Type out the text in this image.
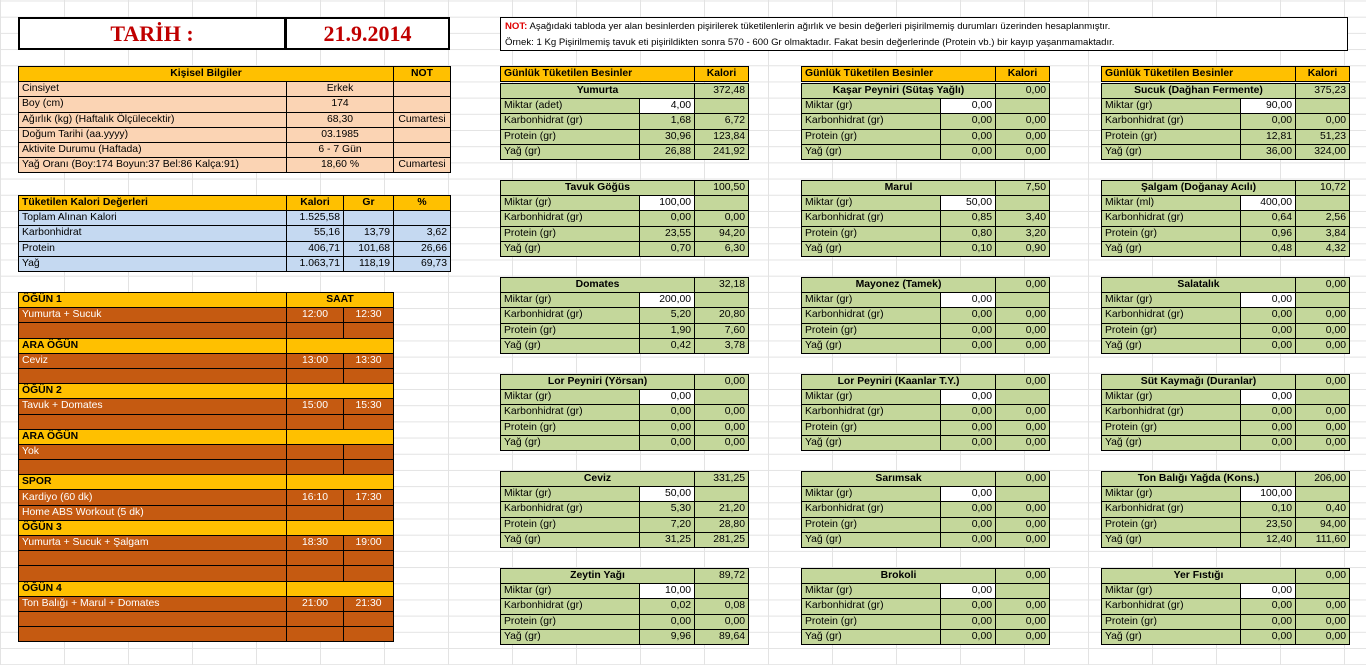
TARİH :	21.9.2014	NOT: Aşağıdaki tabloda yer alan besinlerden pişirilerek tüketilenlerin ağırlık ve besin değerleri pişirilmemiş durumları üzerinden hesaplanmıştır.
Örnek: 1 Kg Pişirilmemiş tavuk eti pişirildikten sonra 570 - 600 Gr olmaktadır. Fakat besin değerlerinde (Protein vb.) bir kayıp yaşanmamaktadır.
Kişisel Bilgiler		NOT
Cinsiyet	Erkek	
Boy (cm)	174	
Ağırlık (kg) (Haftalık Ölçülecektir)	68,30	Cumartesi
Doğum Tarihi (aa.yyyy)	03.1985	
Aktivite Durumu (Haftada)	6 - 7 Gün	
Yağ Oranı (Boy:174 Boyun:37 Bel:86 Kalça:91)	18,60 %	Cumartesi
Tüketilen Kalori Değerleri	Kalori	Gr	%
Toplam Alınan Kalori	1.525,58		
Karbonhidrat	55,16	13,79	3,62
Protein	406,71	101,68	26,66
Yağ	1.063,71	118,19	69,73
ÖĞÜN 1	SAAT	
Yumurta + Sucuk	12:00	12:30

ARA ÖĞÜN		
Ceviz	13:00	13:30

ÖĞÜN 2		
Tavuk + Domates	15:00	15:30

ARA ÖĞÜN		
Yok		

SPOR		
Kardiyo (60 dk)	16:10	17:30
Home ABS Workout (5 dk)		
ÖĞÜN 3		
Yumurta + Sucuk + Şalgam	18:30	19:00

ÖĞÜN 4		
Ton Balığı + Marul + Domates	21:00	21:30

Günlük Tüketilen Besinler	Kalori
Yumurta		372,48
Miktar (adet)	4,00	
Karbonhidrat (gr)	1,68	6,72
Protein (gr)	30,96	123,84
Yağ (gr)	26,88	241,92
Tavuk Göğüs		100,50
Miktar (gr)	100,00	
Karbonhidrat (gr)	0,00	0,00
Protein (gr)	23,55	94,20
Yağ (gr)	0,70	6,30
Domates		32,18
Miktar (gr)	200,00	
Karbonhidrat (gr)	5,20	20,80
Protein (gr)	1,90	7,60
Yağ (gr)	0,42	3,78
Lor Peyniri (Yörsan)		0,00
Miktar (gr)	0,00	
Karbonhidrat (gr)	0,00	0,00
Protein (gr)	0,00	0,00
Yağ (gr)	0,00	0,00
Ceviz		331,25
Miktar (gr)	50,00	
Karbonhidrat (gr)	5,30	21,20
Protein (gr)	7,20	28,80
Yağ (gr)	31,25	281,25
Zeytin Yağı		89,72
Miktar (gr)	10,00	
Karbonhidrat (gr)	0,02	0,08
Protein (gr)	0,00	0,00
Yağ (gr)	9,96	89,64
Günlük Tüketilen Besinler	Kalori
Kaşar Peyniri (Sütaş Yağlı)		0,00
Miktar (gr)	0,00	
Karbonhidrat (gr)	0,00	0,00
Protein (gr)	0,00	0,00
Yağ (gr)	0,00	0,00
Marul		7,50
Miktar (gr)	50,00	
Karbonhidrat (gr)	0,85	3,40
Protein (gr)	0,80	3,20
Yağ (gr)	0,10	0,90
Mayonez (Tamek)		0,00
Miktar (gr)	0,00	
Karbonhidrat (gr)	0,00	0,00
Protein (gr)	0,00	0,00
Yağ (gr)	0,00	0,00
Lor Peyniri (Kaanlar T.Y.)		0,00
Miktar (gr)	0,00	
Karbonhidrat (gr)	0,00	0,00
Protein (gr)	0,00	0,00
Yağ (gr)	0,00	0,00
Sarımsak		0,00
Miktar (gr)	0,00	
Karbonhidrat (gr)	0,00	0,00
Protein (gr)	0,00	0,00
Yağ (gr)	0,00	0,00
Brokoli		0,00
Miktar (gr)	0,00	
Karbonhidrat (gr)	0,00	0,00
Protein (gr)	0,00	0,00
Yağ (gr)	0,00	0,00
Günlük Tüketilen Besinler	Kalori
Sucuk (Dağhan Fermente)		375,23
Miktar (gr)	90,00	
Karbonhidrat (gr)	0,00	0,00
Protein (gr)	12,81	51,23
Yağ (gr)	36,00	324,00
Şalgam (Doğanay Acılı)		10,72
Miktar (ml)	400,00	
Karbonhidrat (gr)	0,64	2,56
Protein (gr)	0,96	3,84
Yağ (gr)	0,48	4,32
Salatalık		0,00
Miktar (gr)	0,00	
Karbonhidrat (gr)	0,00	0,00
Protein (gr)	0,00	0,00
Yağ (gr)	0,00	0,00
Süt Kaymağı (Duranlar)		0,00
Miktar (gr)	0,00	
Karbonhidrat (gr)	0,00	0,00
Protein (gr)	0,00	0,00
Yağ (gr)	0,00	0,00
Ton Balığı Yağda (Kons.)		206,00
Miktar (gr)	100,00	
Karbonhidrat (gr)	0,10	0,40
Protein (gr)	23,50	94,00
Yağ (gr)	12,40	111,60
Yer Fıstığı		0,00
Miktar (gr)	0,00	
Karbonhidrat (gr)	0,00	0,00
Protein (gr)	0,00	0,00
Yağ (gr)	0,00	0,00
